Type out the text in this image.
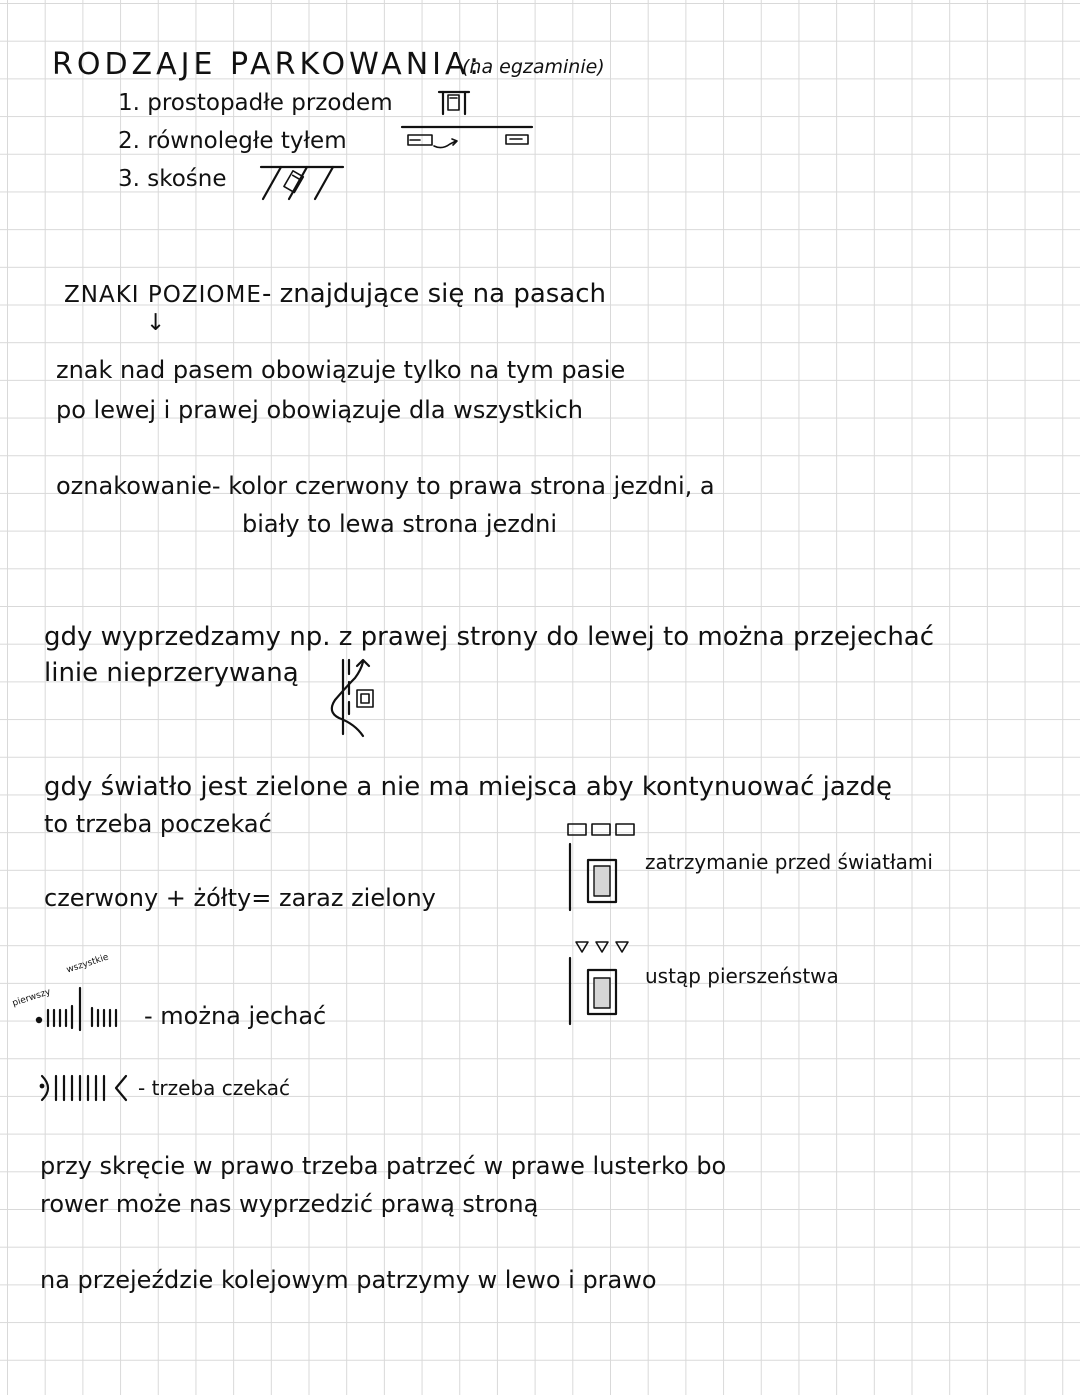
RODZAJE PARKOWANIA:
(na egzaminie)
1. prostopadłe przodem
2. równoległe tyłem
3. skośne
ZNAKI POZIOME - znajdujące się na pasach
↓
znak nad pasem obowiązuje tylko na tym pasie
po lewej i prawej obowiązuje dla wszystkich
oznakowanie- kolor czerwony to prawa strona jezdni, a
biały to lewa strona jezdni
gdy wyprzedzamy np. z prawej strony do lewej to można przejechać
linie nieprzerywaną
gdy światło jest zielone a nie ma miejsca aby kontynuować jazdę
to trzeba poczekać
czerwony + żółty= zaraz zielony
zatrzymanie przed światłami
ustąp pierszeństwa
pierwszy
wszystkie
- można jechać
- trzeba czekać
przy skręcie w prawo trzeba patrzeć w prawe lusterko bo
rower może nas wyprzedzić prawą stroną
na przejeździe kolejowym patrzymy w lewo i prawo
